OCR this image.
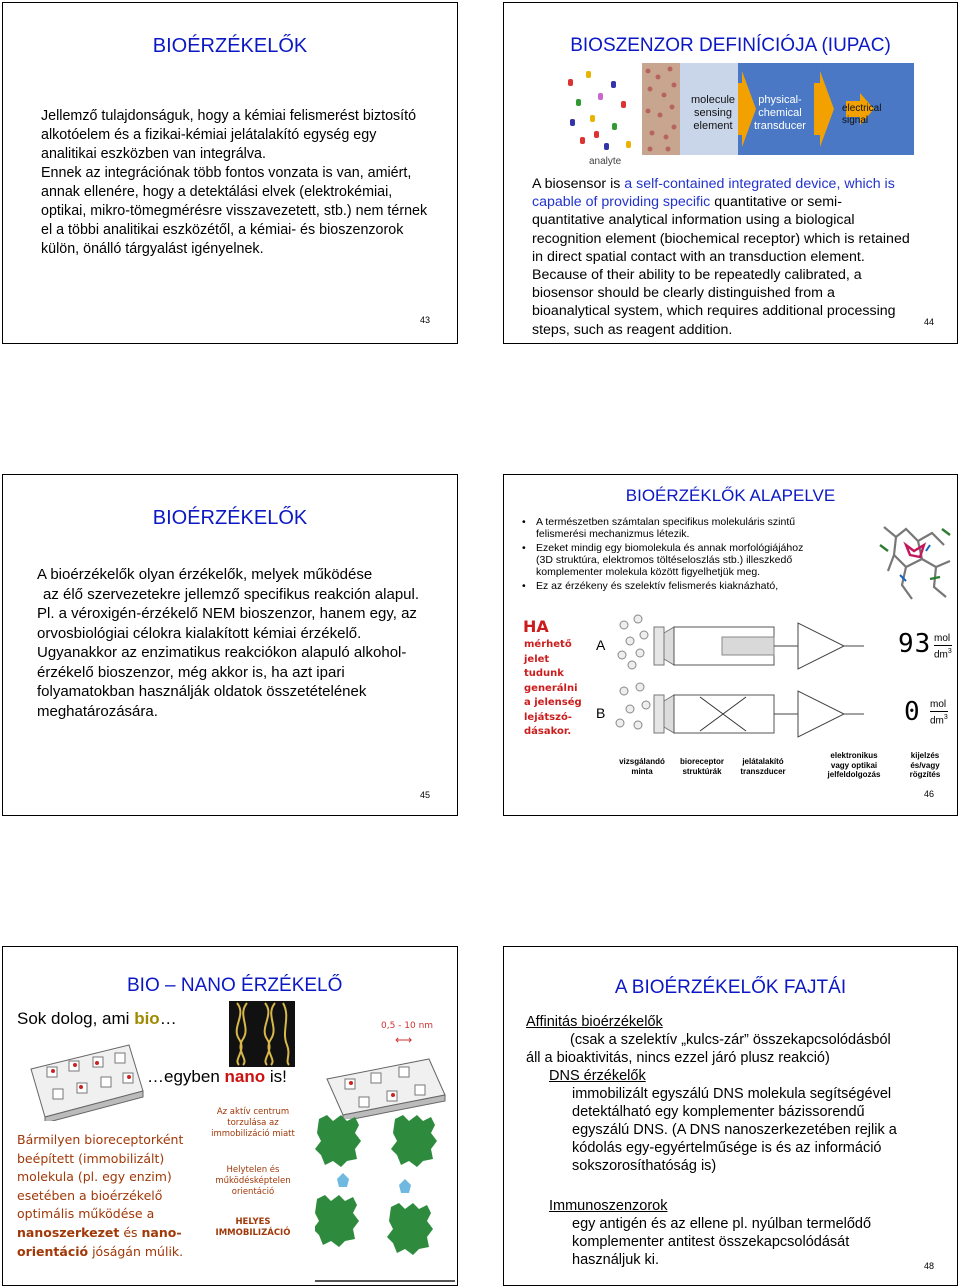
BIOÉRZÉKELŐK
Jellemző tulajdonságuk, hogy a kémiai felismerést biztosító
alkotóelem és a fizikai-kémiai jelátalakító egység egy
analitikai eszközben van integrálva.
Ennek az integrációnak több fontos vonzata is van, amiért,
annak ellenére, hogy a detektálási elvek (elektrokémiai,
optikai, mikro-tömegmérésre visszavezetett, stb.) nem térnek
el a többi analitikai eszközétől, a kémiai- és bioszenzorok
külön, önálló tárgyalást igényelnek.
43
BIOSZENZOR DEFINÍCIÓJA (IUPAC)
analyte
molecule
sensing
element
physical-
chemical
transducer
electrical
signal
A biosensor is a self-contained integrated device, which is
capable of providing specific quantitative or semi-
quantitative analytical information using a biological
recognition element (biochemical receptor) which is retained
in direct spatial contact with an transduction element.
Because of their ability to be repeatedly calibrated, a
biosensor should be clearly distinguished from a
bioanalytical system, which requires additional processing
steps, such as reagent addition.	44
BIOÉRZÉKELŐK
A bioérzékelők olyan érzékelők, melyek működése
az élő szervezetekre jellemző specifikus reakción alapul.
Pl. a véroxigén-érzékelő NEM bioszenzor, hanem egy, az
orvosbiológiai célokra kialakított kémiai érzékelő.
Ugyanakkor az enzimatikus reakciókon alapuló alkohol-
érzékelő bioszenzor, még akkor is, ha azt ipari
folyamatokban használják oldatok összetételének
meghatározására.
45
BIOÉRZÉKLŐK ALAPELVE
• A természetben számtalan specifikus molekuláris szintű
felismerési mechanizmus létezik.
• Ezeket mindig egy biomolekula és annak morfológiájához
(3D struktúra, elektromos töltéseloszlás stb.) illeszkedő
komplementer molekula között figyelhetjük meg.
• Ez az érzékeny és szelektív felismerés kiaknázható,
HA
mérhető
jelet
tudunk
generálni
a jelenség
lejátszó-
dásakor.
A
B
93
0
mol
$dm^3$
mol
$dm^3$
vizsgálandó
minta
bioreceptor
struktúrák
jelátalakító
transzducer
elektronikus
vagy optikai
jelfeldolgozás
kijelzés
és/vagy
rögzítés
46
BIO – NANO ÉRZÉKELŐ
Sok dolog, ami bio…
…egyben nano is!
0,5 - 10 nm
⟷
Bármilyen bioreceptorként
beépített (immobilizált)
molekula (pl. egy enzim)
esetében a bioérzékelő
optimális működése a
nanoszerkezet és nano-
orientáció jóságán múlik.
Az aktív centrum
torzulása az
immobilizáció miatt
Helytelen és
működésképtelen
orientáció
HELYES
IMMOBILIZÁCIÓ
A BIOÉRZÉKELŐK FAJTÁI
Affinitás bioérzékelők
(csak a szelektív „kulcs-zár” összekapcsolódásból
áll a bioaktivitás, nincs ezzel járó plusz reakció)
DNS érzékelők
immobilizált egyszálú DNS molekula segítségével
detektálható egy komplementer bázissorendű
egyszálú DNS. (A DNS nanoszerkezetében rejlik a
kódolás egy-egyértelműsége is és az információ
sokszorosíthatóság is)
Immunoszenzorok
egy antigén és az ellene pl. nyúlban termelődő
komplementer antitest összekapcsolódását
használjuk ki.	48
